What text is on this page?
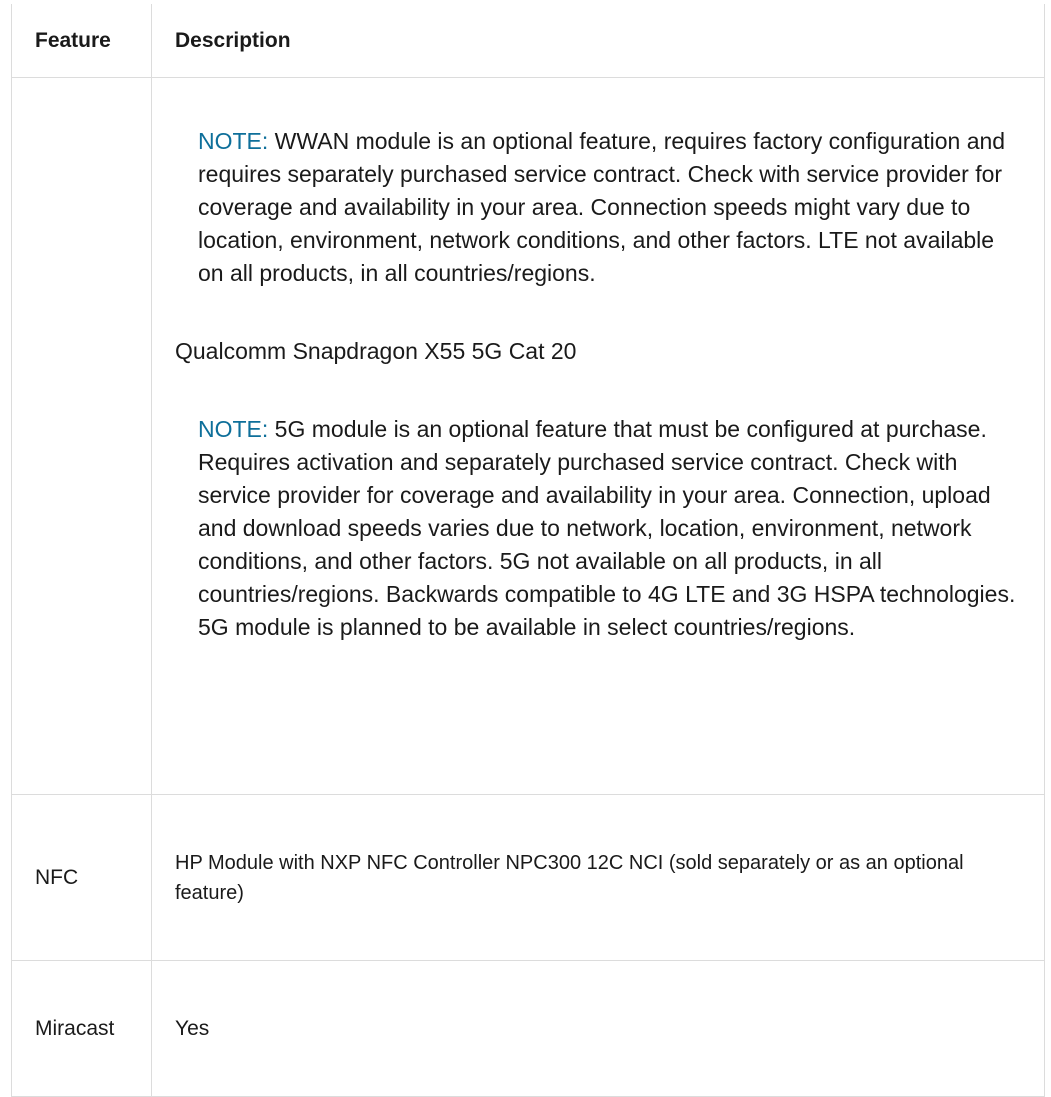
Feature	Description

	NOTE: WWAN module is an optional feature, requires factory configuration and requires separately purchased service contract. Check with service provider for coverage and availability in your area. Connection speeds might vary due to location, environment, network conditions, and other factors. LTE not available on all products, in all countries/regions.
Qualcomm Snapdragon X55 5G Cat 20
NOTE: 5G module is an optional feature that must be configured at purchase. Requires activation and separately purchased service contract. Check with service provider for coverage and availability in your area. Connection, upload and download speeds varies due to network, location, environment, network conditions, and other factors. 5G not available on all products, in all countries/regions. Backwards compatible to 4G LTE and 3G HSPA technologies. 5G module is planned to be available in select countries/regions.

NFC	HP Module with NXP NFC Controller NPC300 12C NCI (sold separately or as an optional feature)

Miracast	Yes
